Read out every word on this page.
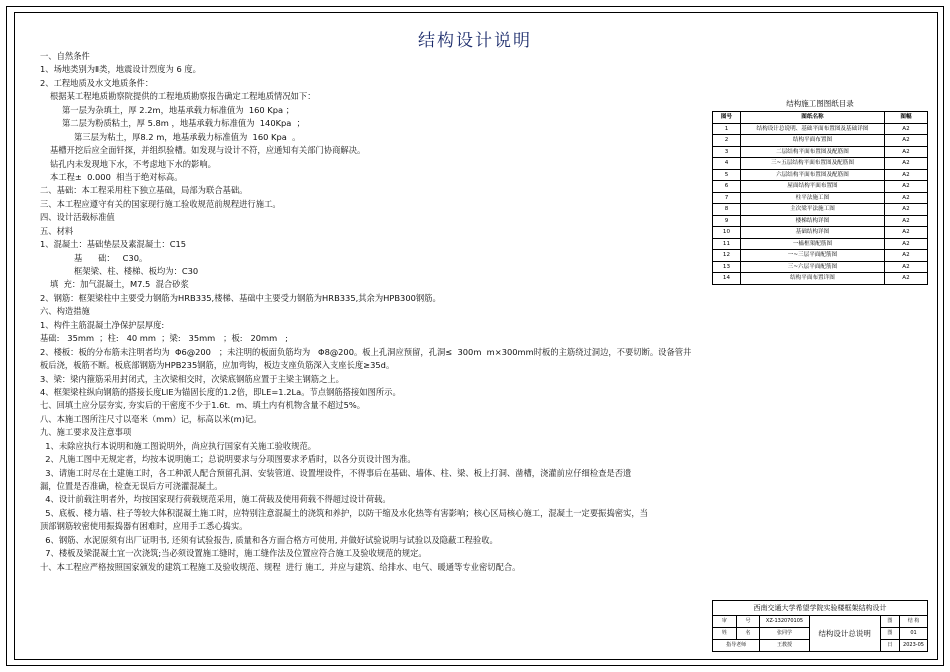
结构设计说明

一、自然条件

1、场地类别为Ⅱ类，地震设计烈度为 6 度。

2、工程地质及水文地质条件：

根据某工程地质勘察院提供的工程地质勘察报告确定工程地质情况如下：

第一层为杂填土，厚 2.2m，地基承载力标准值为  160 Kpa ；

第二层为粉质粘土，厚 5.8m ，地基承载力标准值为  140Kpa  ；

第三层为粘土，厚8.2 m，地基承载力标准值为  160 Kpa  。

基槽开挖后应全面钎探，并组织验槽。如发现与设计不符，应通知有关部门协商解决。

钻孔内未发现地下水，不考虑地下水的影响。

本工程±  0.000  相当于绝对标高。

二、基础：本工程采用柱下独立基础，局部为联合基础。

三、本工程应遵守有关的国家现行施工验收规范前规程进行施工。

四、设计活载标准值

五、材料

1、混凝土：基础垫层及素混凝土：C15

基      础：   C30。

框架梁、柱、楼梯、板均为：C30

填  充：加气混凝土，M7.5  混合砂浆

2、钢筋：框架梁柱中主要受力钢筋为HRB335,楼梯、基础中主要受力钢筋为HRB335,其余为HPB300钢筋。

六、构造措施

1、构件主筋混凝土净保护层厚度:

基础:   35mm  ；柱:   40 mm  ；梁:   35mm   ；板:   20mm   ;

2、楼板：板的分布筋未注明者均为  Φ6@200   ；未注明的板面负筋均为   Φ8@200。板上孔洞应预留，孔洞≤  300m  m×300mm时板的主筋绕过洞边，不要切断。设备管井

板后浇，板筋不断。板底部钢筋为HPB235钢筋，应加弯钩，板边支座负筋深入支座长度≥35d。

3、梁：梁内箍筋采用封闭式，主次梁相交时，次梁底钢筋应置于主梁主钢筋之上。

4、框架梁柱纵向钢筋的搭接长度LlE为锚固长度的1.2倍，即LE=1.2La。节点钢筋搭接如图所示。

七、回填土应分层夯实, 夯实后的干密度不少于1.6t．m、填土内有机物含量不超过5%。

八、本施工图所注尺寸以毫米（mm）记，标高以米(m)记。

九、施工要求及注意事项

1、未除应执行本说明和施工图说明外，尚应执行国家有关施工验收规范。

2、凡施工图中无规定者，均按本说明施工；总说明要求与分项图要求矛盾时，以各分页设计图为准。

3、请施工时尽在土建施工时，各工种派人配合预留孔洞、安装管道、设置埋设件，不得事后在基础、墙体、柱、梁、板上打洞、凿槽，浇灌前应仔细检查是否遗

漏，位置是否准确，检查无误后方可浇灌混凝土。

4、设计前载注明者外，均按国家现行荷载规范采用，施工荷载及使用荷载不得超过设计荷载。

5、底板、楼力墙、柱子等较大体积混凝土施工时，应特别注意混凝土的浇筑和养护，以防干缩及水化热等有害影响；核心区局核心施工，混凝土一定要振捣密实，当

顶部钢筋较密使用振捣器有困难时，应用手工悉心捣实。

6、钢筋、水泥原须有出厂证明书, 还须有试验报告, 质量和各方面合格方可使用, 并做好试验说明与试验以及隐蔽工程验收。

7、楼板及梁混凝土宜一次浇筑;当必须设置施工缝时，施工缝作法及位置应符合施工及验收规范的规定。

十、本工程应严格按照国家颁发的建筑工程施工及验收规范、规程  进行 施工,  并应与建筑、给排水、电气、暖通等专业密切配合。

结构施工图图纸目录
图号	图纸名称	图幅
1	结构设计总说明、基础平面布置图及基础详图	A2
2	结构平面布置图	A2
3	二层结构平面布置图及配筋图	A2
4	三~五层结构平面布置图及配筋图	A2
5	六层结构平面布置图及配筋图	A2
6	屋面结构平面布置图	A2
7	柱平法施工图	A2
8	主次梁平法施工图	A2
9	楼梯结构详图	A2
10	基础结构详图	A2
11	一榀框架配筋图	A2
12	一~三层平面配筋图	A2
13	三~六层平面配筋图	A2
14	结构平面布置详图	A2
西南交通大学希望学院实验楼框架结构设计					
审	号	XZ-132070105	结构设计总说明	图	结 构
姓	名	张同学		图	01
指导老师		王教授		日	2023-05
